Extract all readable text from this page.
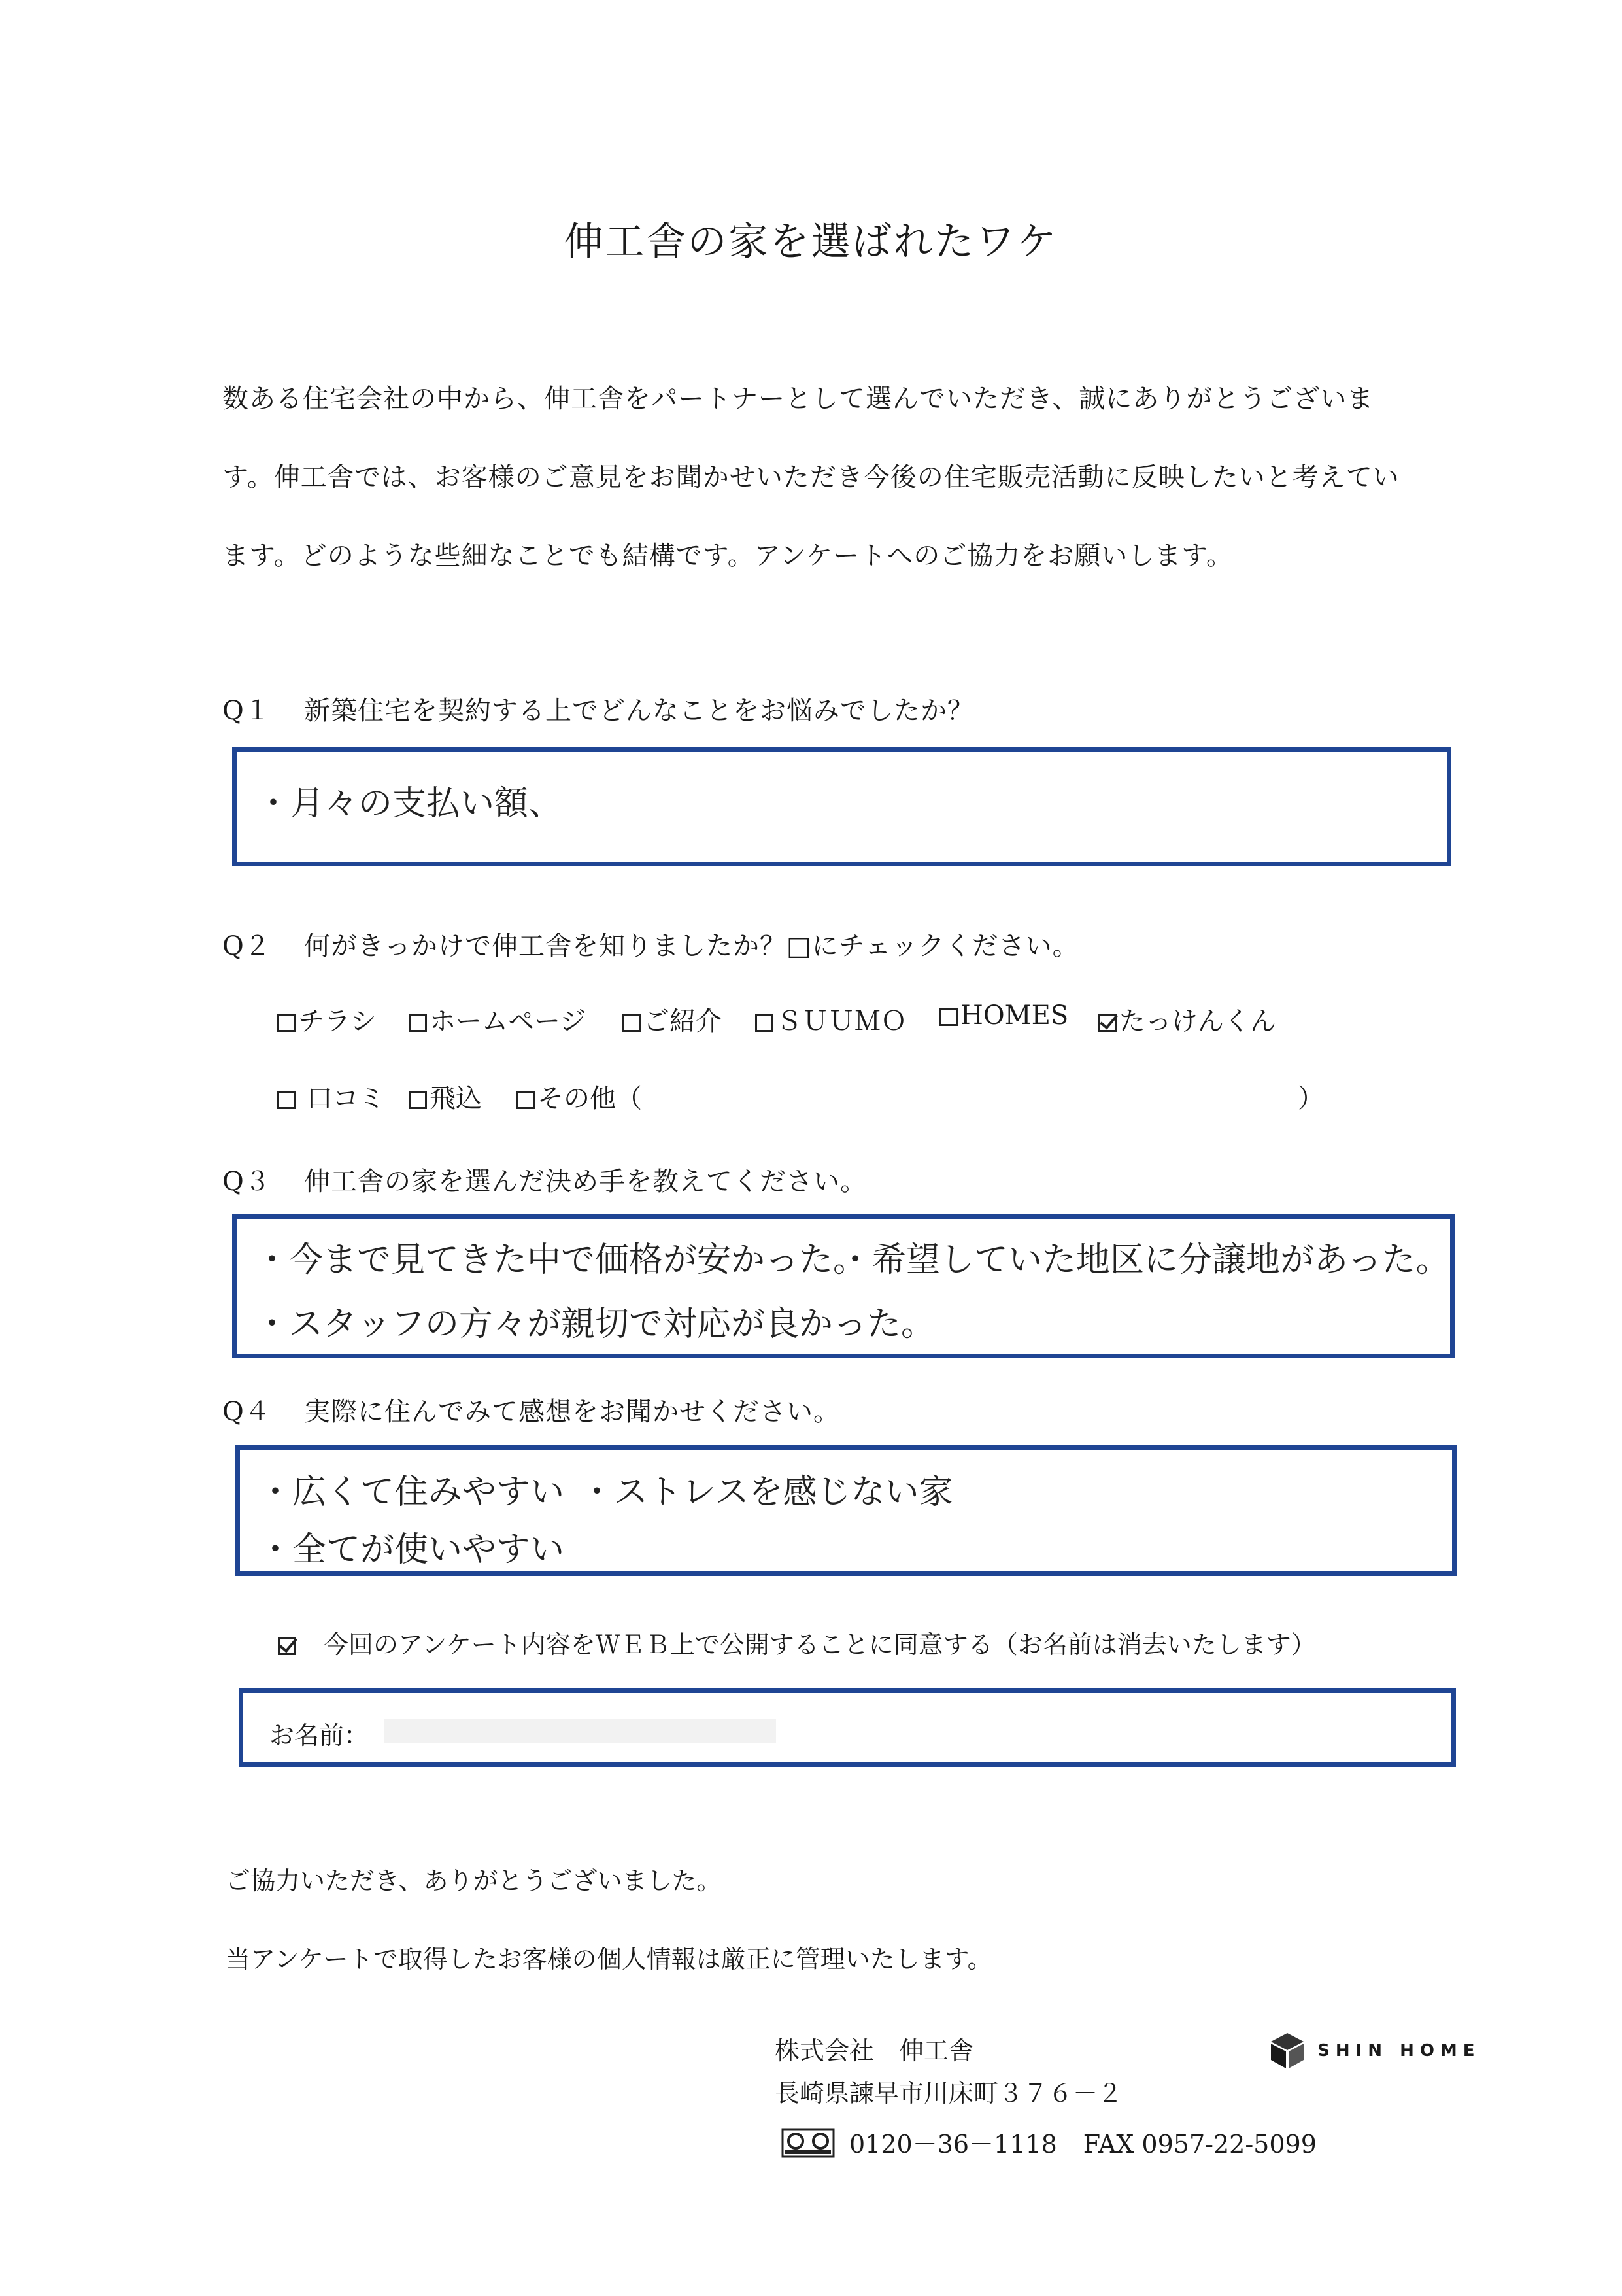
伸工舎の家を選ばれたワケ
数ある住宅会社の中から、伸工舎をパートナーとして選んでいただき、誠にありがとうございま
す。伸工舎では、お客様のご意見をお聞かせいただき今後の住宅販売活動に反映したいと考えてい
ます。どのような些細なことでも結構です。アンケートへのご協力をお願いします。
Q１ 新築住宅を契約する上でどんなことをお悩みでしたか？
・月々の支払い額、
Q２ 何がきっかけで伸工舎を知りましたか？□にチェックください。
チラシ	ホームページ	ご紹介	ＳＵＵＭＯ	HOMES	たっけんくん
口コミ	飛込	その他（	）
Q３ 伸工舎の家を選んだ決め手を教えてください。
・今まで見てきた中で価格が安かった。
・希望していた地区に分譲地があった。
・スタッフの方々が親切で対応が良かった。
Q４ 実際に住んでみて感想をお聞かせください。
・広くて住みやすい ・ストレスを感じない家
・全てが使いやすい
今回のアンケート内容をＷＥＢ上で公開することに同意する（お名前は消去いたします）
お名前：
ご協力いただき、ありがとうございました。
当アンケートで取得したお客様の個人情報は厳正に管理いたします。
株式会社　伸工舎
長崎県諫早市川床町３７６－２
0120－36－1118 FAX 0957-22-5099
SHIN HOME
